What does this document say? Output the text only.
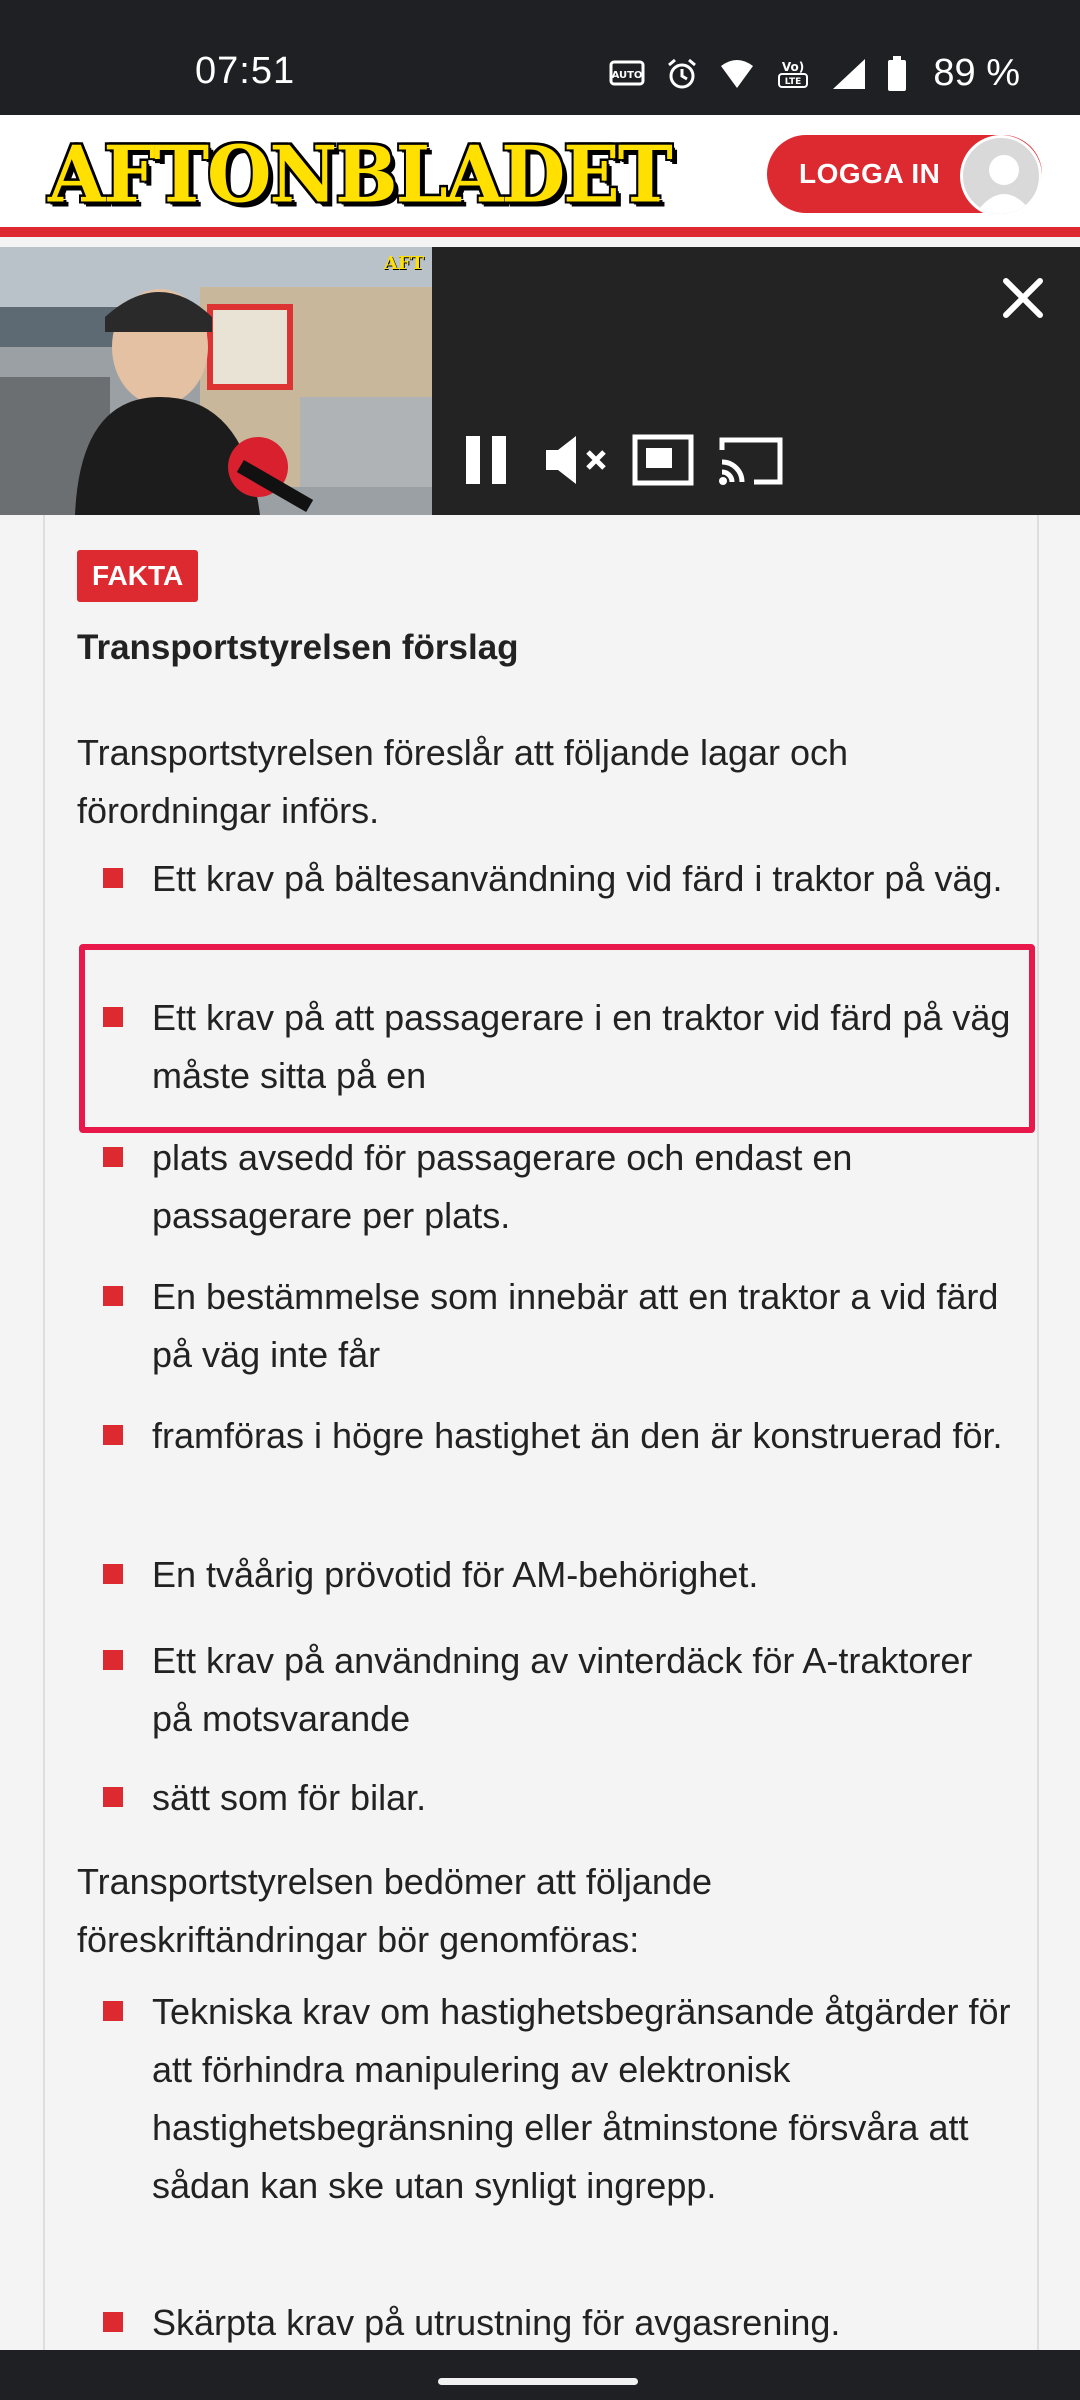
07:51	AUTO
Vo)
LTE	89 %
AFTONBLADET	LOGGA IN
AFT
FAKTA
Transportstyrelsen förslag
Transportstyrelsen föreslår att följande lagar och förordningar införs.
Ett krav på bältesanvändning vid färd i traktor på väg.
Ett krav på att passagerare i en traktor vid färd på väg måste sitta på en
plats avsedd för passagerare och endast en passagerare per plats.
En bestämmelse som innebär att en traktor a vid färd på väg inte får
framföras i högre hastighet än den är konstruerad för.
En tvåårig prövotid för AM-behörighet.
Ett krav på användning av vinterdäck för A-traktorer på motsvarande
sätt som för bilar.
Transportstyrelsen bedömer att följande föreskriftändringar bör genomföras:
Tekniska krav om hastighetsbegränsande åtgärder för att förhindra manipulering av elektronisk hastighetsbegränsning eller åtminstone försvåra att sådan kan ske utan synligt ingrepp.
Skärpta krav på utrustning för avgasrening.
